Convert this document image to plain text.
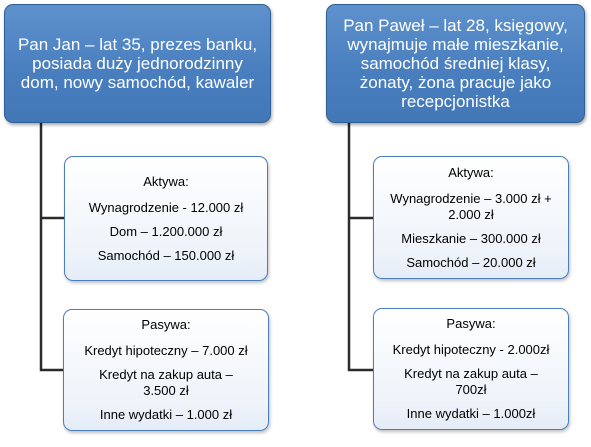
Pan Jan – lat 35, prezes banku, posiada duży jednorodzinny dom, nowy samochód, kawaler
Pan Paweł – lat 28, księgowy, wynajmuje małe mieszkanie, samochód średniej klasy, żonaty, żona pracuje jako recepcjonistka
Aktywa:
Wynagrodzenie - 12.000 zł
Dom – 1.200.000 zł
Samochód – 150.000 zł
Pasywa:
Kredyt hipoteczny – 7.000 zł
Kredyt na zakup auta –
3.500 zł
Inne wydatki – 1.000 zł
Aktywa:
Wynagrodzenie – 3.000 zł +
2.000 zł
Mieszkanie – 300.000 zł
Samochód – 20.000 zł
Pasywa:
Kredyt hipoteczny - 2.000zł
Kredyt na zakup auta –
700zł
Inne wydatki – 1.000zł
